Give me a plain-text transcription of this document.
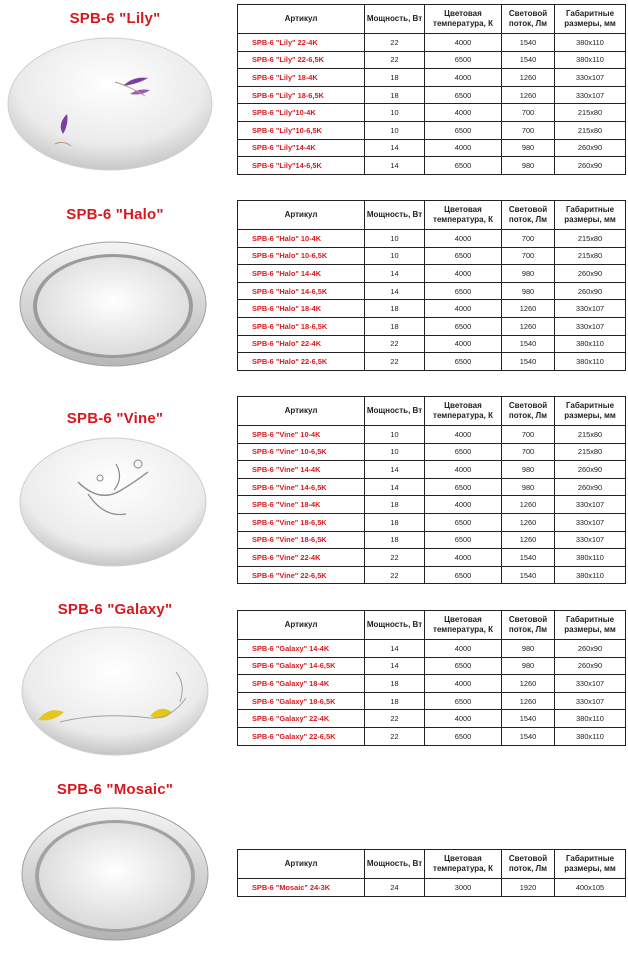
SPB-6 "Lily"
SPB-6 "Halo"
SPB-6 "Vine"
SPB-6 "Galaxy"
SPB-6 "Mosaic"
Артикул	Мощность, Вт	Цветовая температура, К	Световой поток, Лм	Габаритные размеры, мм
SPB-6 "Lily" 22-4K	22	4000	1540	380x110
SPB-6 "Lily" 22-6,5K	22	6500	1540	380x110
SPB-6 "Lily" 18-4K	18	4000	1260	330x107
SPB-6 "Lily" 18-6,5K	18	6500	1260	330x107
SPB-6 "Lily"10-4K	10	4000	700	215x80
SPB-6 "Lily"10-6,5K	10	6500	700	215x80
SPB-6 "Lily"14-4K	14	4000	980	260x90
SPB-6 "Lily"14-6,5K	14	6500	980	260x90
Артикул	Мощность, Вт	Цветовая температура, К	Световой поток, Лм	Габаритные размеры, мм
SPB-6 "Halo" 10-4K	10	4000	700	215x80
SPB-6 "Halo" 10-6,5K	10	6500	700	215x80
SPB-6 "Halo" 14-4K	14	4000	980	260x90
SPB-6 "Halo" 14-6,5K	14	6500	980	260x90
SPB-6 "Halo" 18-4K	18	4000	1260	330x107
SPB-6 "Halo" 18-6,5K	18	6500	1260	330x107
SPB-6 "Halo" 22-4K	22	4000	1540	380x110
SPB-6 "Halo" 22-6,5K	22	6500	1540	380x110
Артикул	Мощность, Вт	Цветовая температура, К	Световой поток, Лм	Габаритные размеры, мм
SPB-6 "Vine" 10-4K	10	4000	700	215x80
SPB-6 "Vine" 10-6,5K	10	6500	700	215x80
SPB-6 "Vine" 14-4K	14	4000	980	260x90
SPB-6 "Vine" 14-6,5K	14	6500	980	260x90
SPB-6 "Vine" 18-4K	18	4000	1260	330x107
SPB-6 "Vine" 18-6,5K	18	6500	1260	330x107
SPB-6 "Vine" 18-6,5K	18	6500	1260	330x107
SPB-6 "Vine" 22-4K	22	4000	1540	380x110
SPB-6 "Vine" 22-6,5K	22	6500	1540	380x110
Артикул	Мощность, Вт	Цветовая температура, К	Световой поток, Лм	Габаритные размеры, мм
SPB-6 "Galaxy" 14-4K	14	4000	980	260x90
SPB-6 "Galaxy" 14-6,5K	14	6500	980	260x90
SPB-6 "Galaxy" 18-4K	18	4000	1260	330x107
SPB-6 "Galaxy" 18-6,5K	18	6500	1260	330x107
SPB-6 "Galaxy" 22-4K	22	4000	1540	380x110
SPB-6 "Galaxy" 22-6,5K	22	6500	1540	380x110
Артикул	Мощность, Вт	Цветовая температура, К	Световой поток, Лм	Габаритные размеры, мм
SPB-6 "Mosaic" 24-3K	24	3000	1920	400x105
